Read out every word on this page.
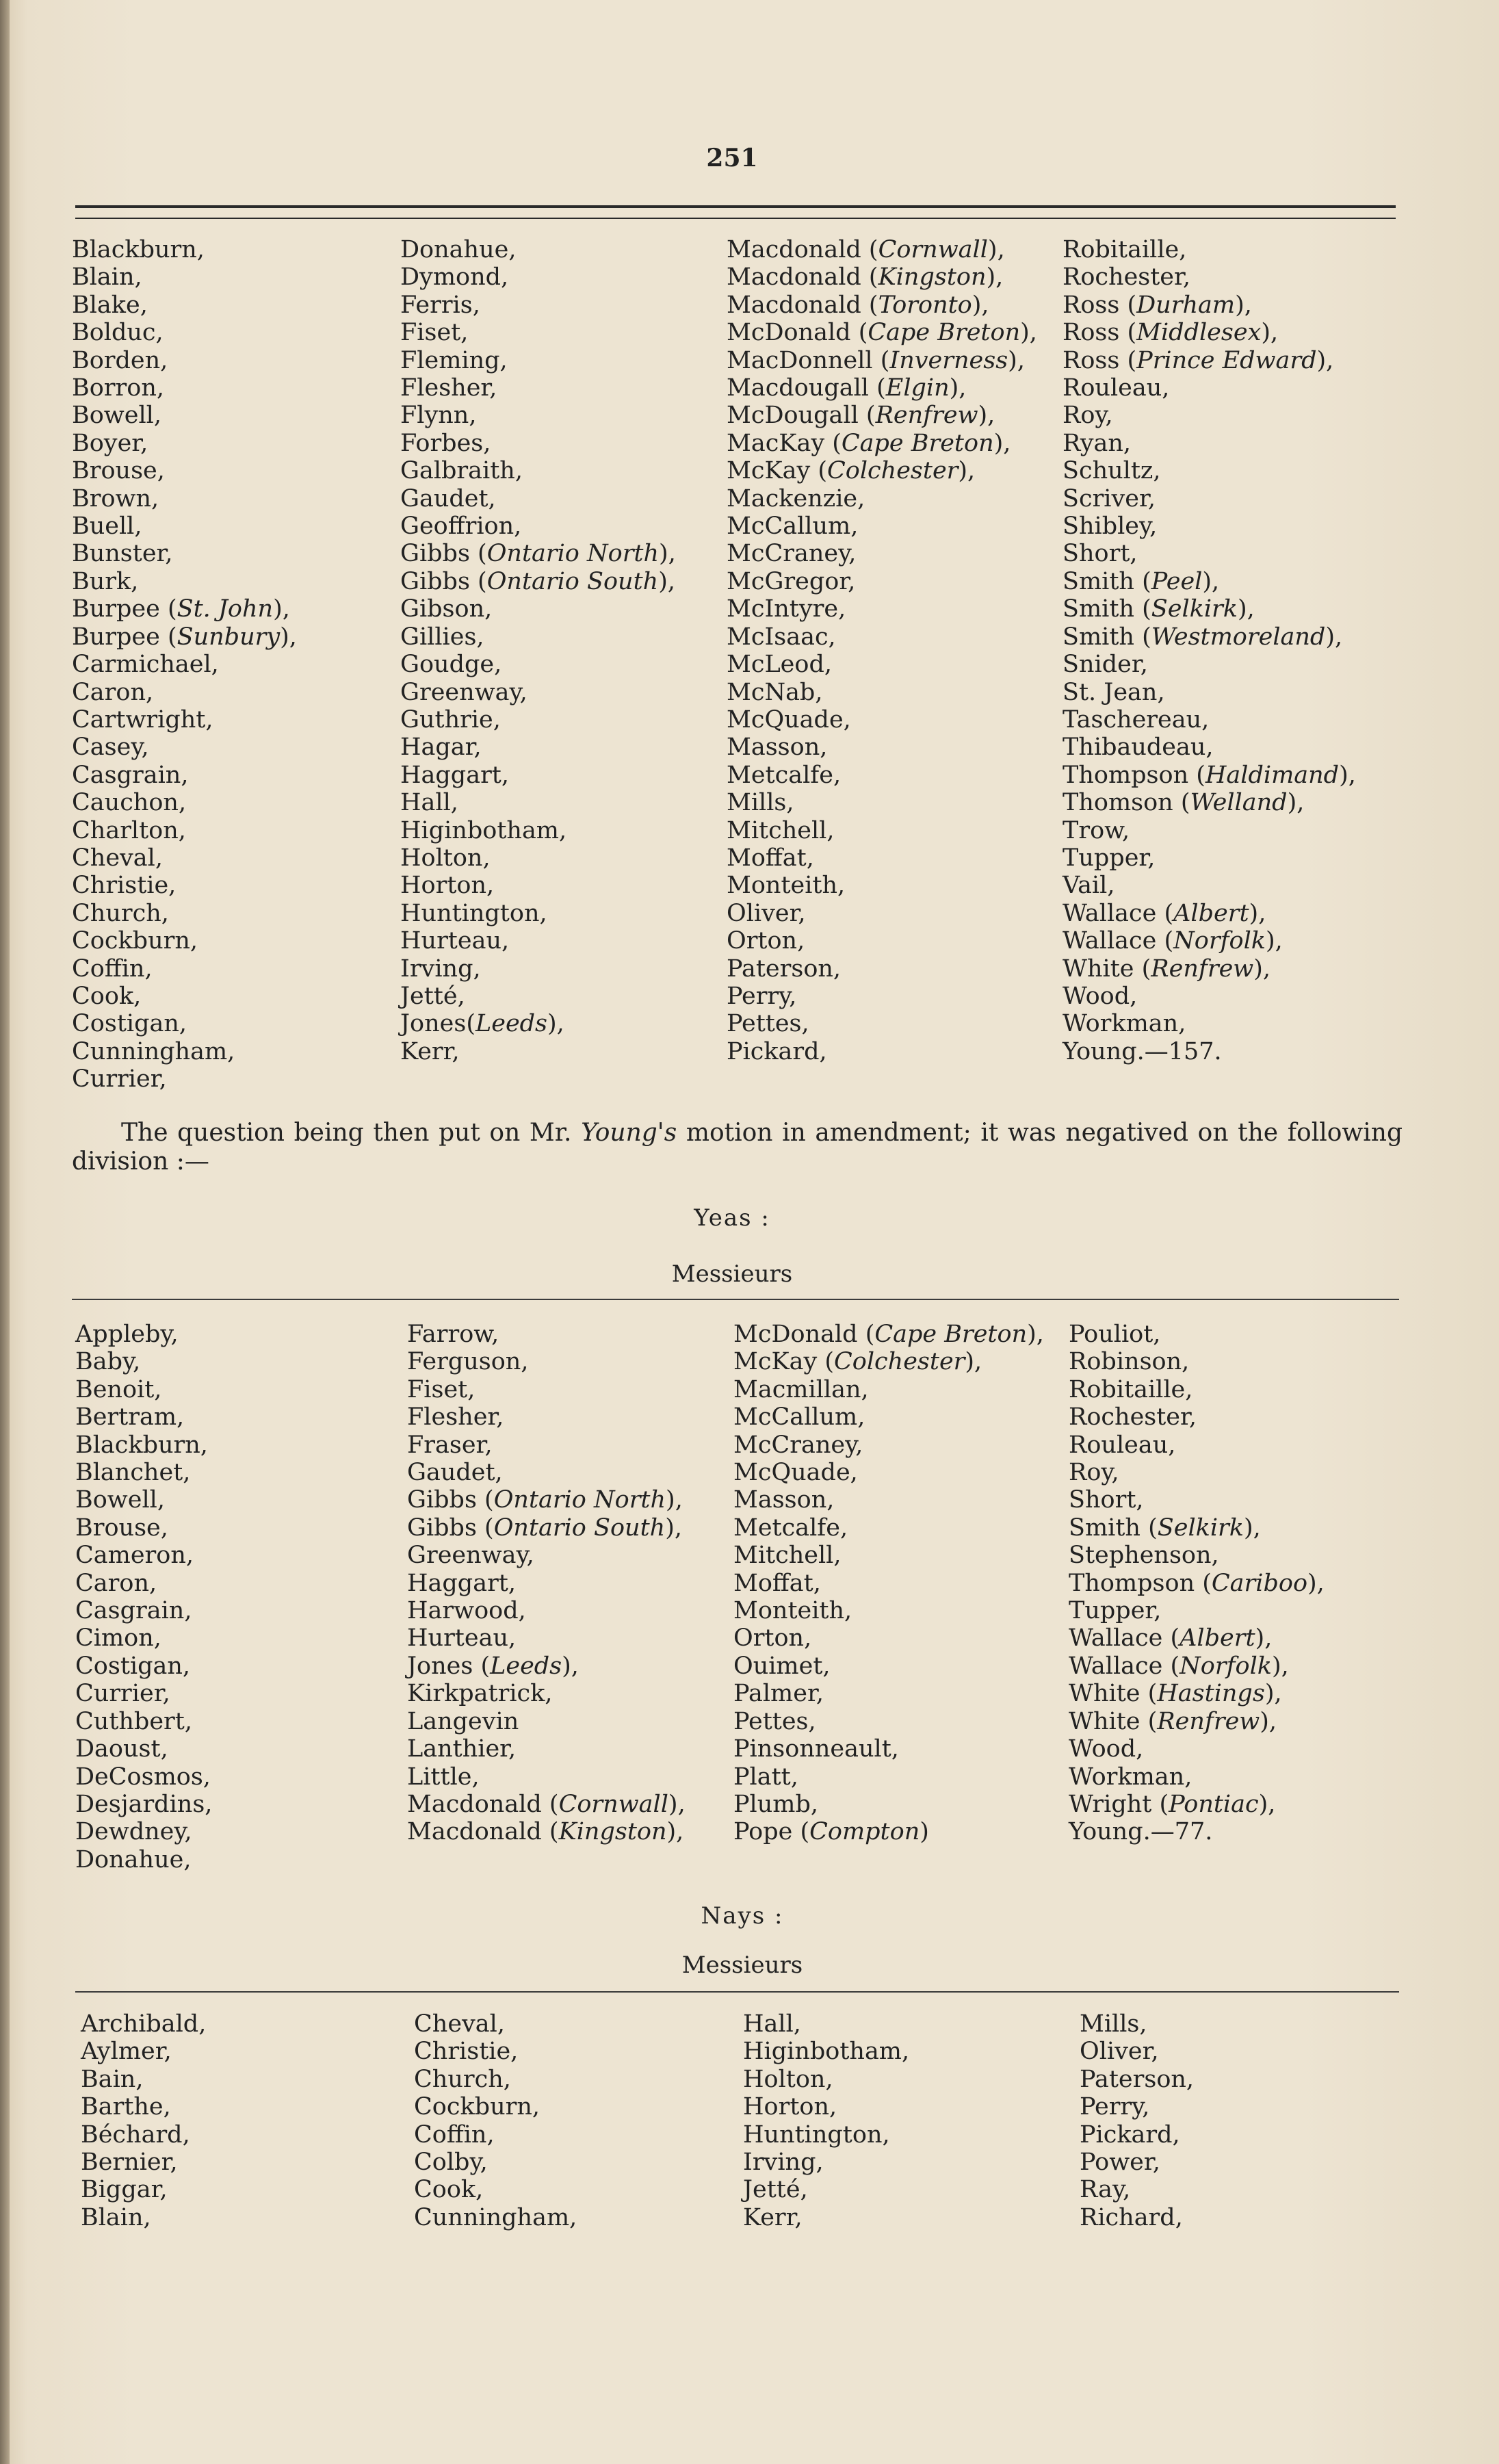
251
Blackburn,
Blain,
Blake,
Bolduc,
Borden,
Borron,
Bowell,
Boyer,
Brouse,
Brown,
Buell,
Bunster,
Burk,
Burpee (St. John),
Burpee (Sunbury),
Carmichael,
Caron,
Cartwright,
Casey,
Casgrain,
Cauchon,
Charlton,
Cheval,
Christie,
Church,
Cockburn,
Coffin,
Cook,
Costigan,
Cunningham,
Currier,
Donahue,
Dymond,
Ferris,
Fiset,
Fleming,
Flesher,
Flynn,
Forbes,
Galbraith,
Gaudet,
Geoffrion,
Gibbs (Ontario North),
Gibbs (Ontario South),
Gibson,
Gillies,
Goudge,
Greenway,
Guthrie,
Hagar,
Haggart,
Hall,
Higinbotham,
Holton,
Horton,
Huntington,
Hurteau,
Irving,
Jetté,
Jones(Leeds),
Kerr,
Macdonald (Cornwall),
Macdonald (Kingston),
Macdonald (Toronto),
McDonald (Cape Breton),
MacDonnell (Inverness),
Macdougall (Elgin),
McDougall (Renfrew),
MacKay (Cape Breton),
McKay (Colchester),
Mackenzie,
McCallum,
McCraney,
McGregor,
McIntyre,
McIsaac,
McLeod,
McNab,
McQuade,
Masson,
Metcalfe,
Mills,
Mitchell,
Moffat,
Monteith,
Oliver,
Orton,
Paterson,
Perry,
Pettes,
Pickard,
Robitaille,
Rochester,
Ross (Durham),
Ross (Middlesex),
Ross (Prince Edward),
Rouleau,
Roy,
Ryan,
Schultz,
Scriver,
Shibley,
Short,
Smith (Peel),
Smith (Selkirk),
Smith (Westmoreland),
Snider,
St. Jean,
Taschereau,
Thibaudeau,
Thompson (Haldimand),
Thomson (Welland),
Trow,
Tupper,
Vail,
Wallace (Albert),
Wallace (Norfolk),
White (Renfrew),
Wood,
Workman,
Young.—157.

  The question being then put on Mr. Young's motion in amendment; it was negatived on the following division :—

Yeas :
Messieurs
Appleby,
Baby,
Benoit,
Bertram,
Blackburn,
Blanchet,
Bowell,
Brouse,
Cameron,
Caron,
Casgrain,
Cimon,
Costigan,
Currier,
Cuthbert,
Daoust,
DeCosmos,
Desjardins,
Dewdney,
Donahue,
Farrow,
Ferguson,
Fiset,
Flesher,
Fraser,
Gaudet,
Gibbs (Ontario North),
Gibbs (Ontario South),
Greenway,
Haggart,
Harwood,
Hurteau,
Jones (Leeds),
Kirkpatrick,
Langevin
Lanthier,
Little,
Macdonald (Cornwall),
Macdonald (Kingston),
McDonald (Cape Breton),
McKay (Colchester),
Macmillan,
McCallum,
McCraney,
McQuade,
Masson,
Metcalfe,
Mitchell,
Moffat,
Monteith,
Orton,
Ouimet,
Palmer,
Pettes,
Pinsonneault,
Platt,
Plumb,
Pope (Compton)
Pouliot,
Robinson,
Robitaille,
Rochester,
Rouleau,
Roy,
Short,
Smith (Selkirk),
Stephenson,
Thompson (Cariboo),
Tupper,
Wallace (Albert),
Wallace (Norfolk),
White (Hastings),
White (Renfrew),
Wood,
Workman,
Wright (Pontiac),
Young.—77.
Nays :
Messieurs
Archibald,
Aylmer,
Bain,
Barthe,
Béchard,
Bernier,
Biggar,
Blain,
Cheval,
Christie,
Church,
Cockburn,
Coffin,
Colby,
Cook,
Cunningham,
Hall,
Higinbotham,
Holton,
Horton,
Huntington,
Irving,
Jetté,
Kerr,
Mills,
Oliver,
Paterson,
Perry,
Pickard,
Power,
Ray,
Richard,
